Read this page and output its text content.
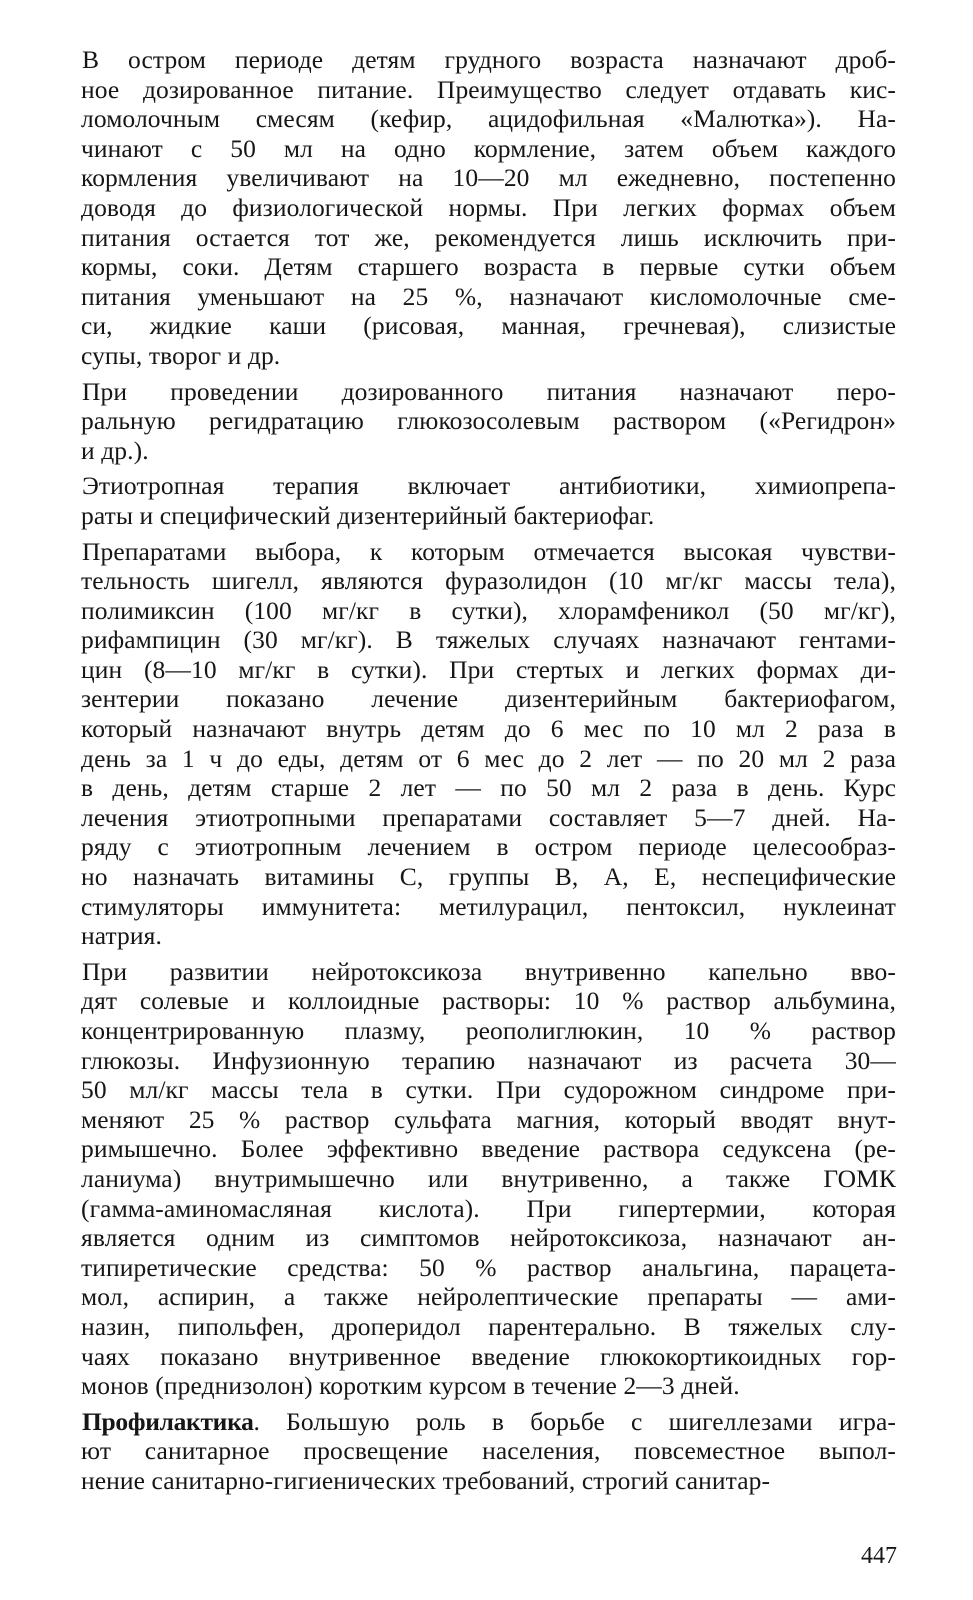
В остром периоде детям грудного возраста назначают дроб-
ное дозированное питание. Преимущество следует отдавать кис-
ломолочным смесям (кефир, ацидофильная «Малютка»). На-
чинают с 50 мл на одно кормление, затем объем каждого
кормления увеличивают на 10—20 мл ежедневно, постепенно
доводя до физиологической нормы. При легких формах объем
питания остается тот же, рекомендуется лишь исключить при-
кормы, соки. Детям старшего возраста в первые сутки объем
питания уменьшают на 25 %, назначают кисломолочные сме-
си, жидкие каши (рисовая, манная, гречневая), слизистые
супы, творог и др.
При проведении дозированного питания назначают перо-
ральную регидратацию глюкозосолевым раствором («Регидрон»
и др.).
Этиотропная терапия включает антибиотики, химиопрепа-
раты и специфический дизентерийный бактериофаг.
Препаратами выбора, к которым отмечается высокая чувстви-
тельность шигелл, являются фуразолидон (10 мг/кг массы тела),
полимиксин (100 мг/кг в сутки), хлорамфеникол (50 мг/кг),
рифампицин (30 мг/кг). В тяжелых случаях назначают гентами-
цин (8—10 мг/кг в сутки). При стертых и легких формах ди-
зентерии показано лечение дизентерийным бактериофагом,
который назначают внутрь детям до 6 мес по 10 мл 2 раза в
день за 1 ч до еды, детям от 6 мес до 2 лет — по 20 мл 2 раза
в день, детям старше 2 лет — по 50 мл 2 раза в день. Курс
лечения этиотропными препаратами составляет 5—7 дней. На-
ряду с этиотропным лечением в остром периоде целесообраз-
но назначать витамины С, группы В, А, Е, неспецифические
стимуляторы иммунитета: метилурацил, пентоксил, нуклеинат
натрия.
При развитии нейротоксикоза внутривенно капельно вво-
дят солевые и коллоидные растворы: 10 % раствор альбумина,
концентрированную плазму, реополиглюкин, 10 % раствор
глюкозы. Инфузионную терапию назначают из расчета 30—
50 мл/кг массы тела в сутки. При судорожном синдроме при-
меняют 25 % раствор сульфата магния, который вводят внут-
римышечно. Более эффективно введение раствора седуксена (ре-
ланиума) внутримышечно или внутривенно, а также ГОМК
(гамма-аминомасляная кислота). При гипертермии, которая
является одним из симптомов нейротоксикоза, назначают ан-
типиретические средства: 50 % раствор анальгина, парацета-
мол, аспирин, а также нейролептические препараты — ами-
назин, пипольфен, дроперидол парентерально. В тяжелых слу-
чаях показано внутривенное введение глюкокортикоидных гор-
монов (преднизолон) коротким курсом в течение 2—3 дней.
Профилактика. Большую роль в борьбе с шигеллезами игра-
ют санитарное просвещение населения, повсеместное выпол-
нение санитарно-гигиенических требований, строгий санитар-
447
